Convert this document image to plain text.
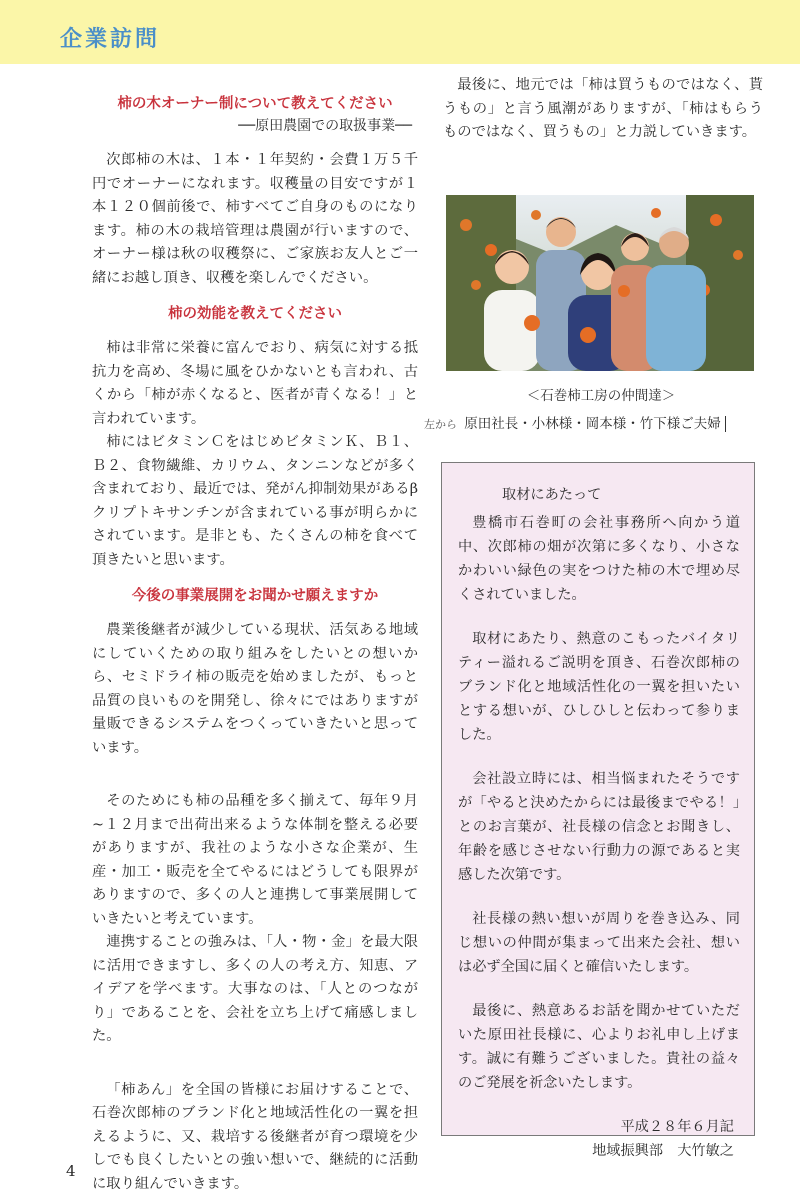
企業訪問

柿の木オーナー制について教えてください

──原田農園での取扱事業──

次郎柿の木は、１本・１年契約・会費１万５千円でオーナーになれます。収穫量の目安ですが１本１２０個前後で、柿すべてご自身のものになります。柿の木の栽培管理は農園が行いますので、オーナー様は秋の収穫祭に、ご家族お友人とご一緒にお越し頂き、収穫を楽しんでください。

柿の効能を教えてください

柿は非常に栄養に富んでおり、病気に対する抵抗力を高め、冬場に風をひかないとも言われ、古くから「柿が赤くなると、医者が青くなる！」と言われています。

柿にはビタミンＣをはじめビタミンＫ、Ｂ１、Ｂ２、食物繊維、カリウム、タンニンなどが多く含まれており、最近では、発がん抑制効果があるβクリプトキサンチンが含まれている事が明らかにされています。是非とも、たくさんの柿を食べて頂きたいと思います。

今後の事業展開をお聞かせ願えますか

農業後継者が減少している現状、活気ある地域にしていくための取り組みをしたいとの想いから、セミドライ柿の販売を始めましたが、もっと品質の良いものを開発し、徐々にではありますが量販できるシステムをつくっていきたいと思っています。

そのためにも柿の品種を多く揃えて、毎年９月~１２月まで出荷出来るような体制を整える必要がありますが、我社のような小さな企業が、生産・加工・販売を全てやるにはどうしても限界がありますので、多くの人と連携して事業展開していきたいと考えています。

連携することの強みは、「人・物・金」を最大限に活用できますし、多くの人の考え方、知恵、アイデアを学べます。大事なのは、「人とのつながり」であることを、会社を立ち上げて痛感しました。

「柿あん」を全国の皆様にお届けすることで、石巻次郎柿のブランド化と地域活性化の一翼を担えるように、又、栽培する後継者が育つ環境を少しでも良くしたいとの強い想いで、継続的に活動に取り組んでいきます。

最後に、地元では「柿は買うものではなく、貰うもの」と言う風潮がありますが、「柿はもらうものではなく、買うもの」と力説していきます。

＜石巻柿工房の仲間達＞
左から 原田社長・小林様・岡本様・竹下様ご夫婦

取材にあたって

豊橋市石巻町の会社事務所へ向かう道中、次郎柿の畑が次第に多くなり、小さなかわいい緑色の実をつけた柿の木で埋め尽くされていました。

取材にあたり、熱意のこもったバイタリティー溢れるご説明を頂き、石巻次郎柿のブランド化と地域活性化の一翼を担いたいとする想いが、ひしひしと伝わって参りました。

会社設立時には、相当悩まれたそうですが「やると決めたからには最後までやる！」とのお言葉が、社長様の信念とお聞きし、年齢を感じさせない行動力の源であると実感した次第です。

社長様の熱い想いが周りを巻き込み、同じ想いの仲間が集まって出来た会社、想いは必ず全国に届くと確信いたします。

最後に、熱意あるお話を聞かせていただいた原田社長様に、心よりお礼申し上げます。誠に有難うございました。貴社の益々のご発展を祈念いたします。

平成２８年６月記

地域振興部　大竹敏之

4
